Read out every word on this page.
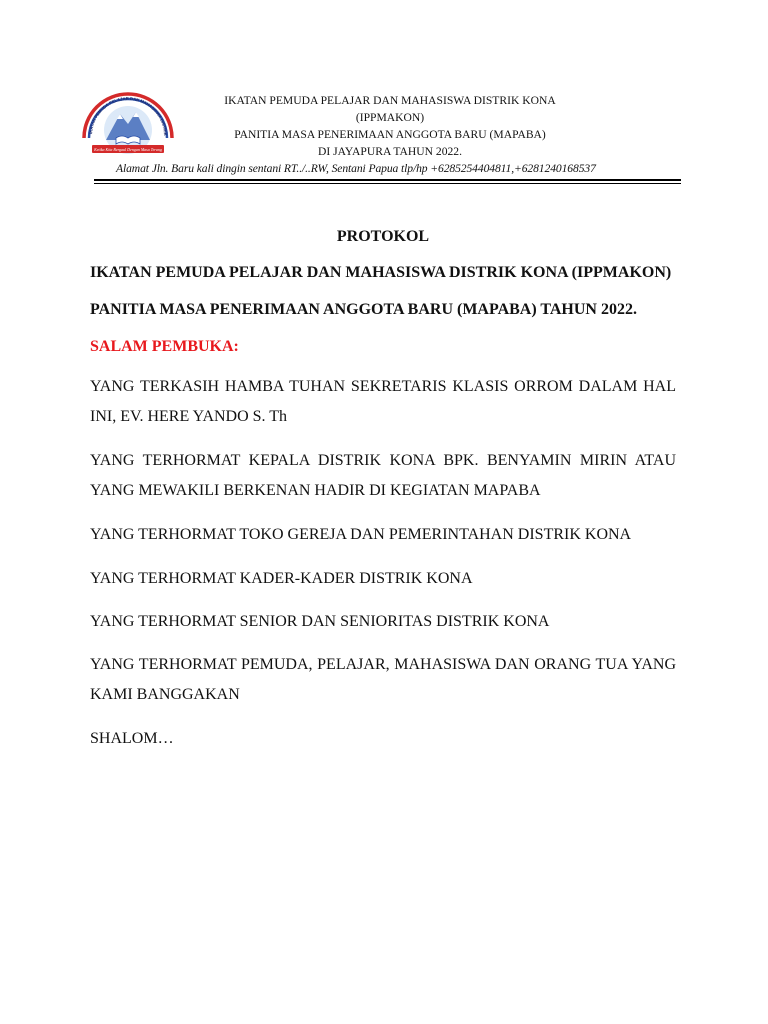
IKATAN PEMUDA PELAJAR DAN MAHASISWA DISTRIK
Ketika Kita Bergaul Dengan Masa Terang
IKATAN PEMUDA PELAJAR DAN MAHASISWA DISTRIK KONA
(IPPMAKON)
PANITIA MASA PENERIMAAN ANGGOTA BARU (MAPABA)
DI JAYAPURA TAHUN 2022.
Alamat Jln. Baru kali dingin sentani RT../..RW, Sentani Papua tlp/hp +6285254404811,+6281240168537
PROTOKOL
IKATAN PEMUDA PELAJAR DAN MAHASISWA DISTRIK KONA (IPPMAKON)
PANITIA MASA PENERIMAAN ANGGOTA BARU (MAPABA) TAHUN 2022.
SALAM PEMBUKA:
YANG TERKASIH HAMBA TUHAN SEKRETARIS KLASIS ORROM DALAM HAL INI, EV. HERE YANDO S. Th
YANG TERHORMAT KEPALA DISTRIK KONA BPK. BENYAMIN MIRIN ATAU YANG MEWAKILI BERKENAN HADIR DI KEGIATAN MAPABA
YANG TERHORMAT TOKO GEREJA DAN PEMERINTAHAN DISTRIK KONA
YANG TERHORMAT KADER-KADER DISTRIK KONA
YANG TERHORMAT SENIOR DAN SENIORITAS DISTRIK KONA
YANG TERHORMAT PEMUDA, PELAJAR, MAHASISWA DAN ORANG TUA YANG KAMI BANGGAKAN
SHALOM…
